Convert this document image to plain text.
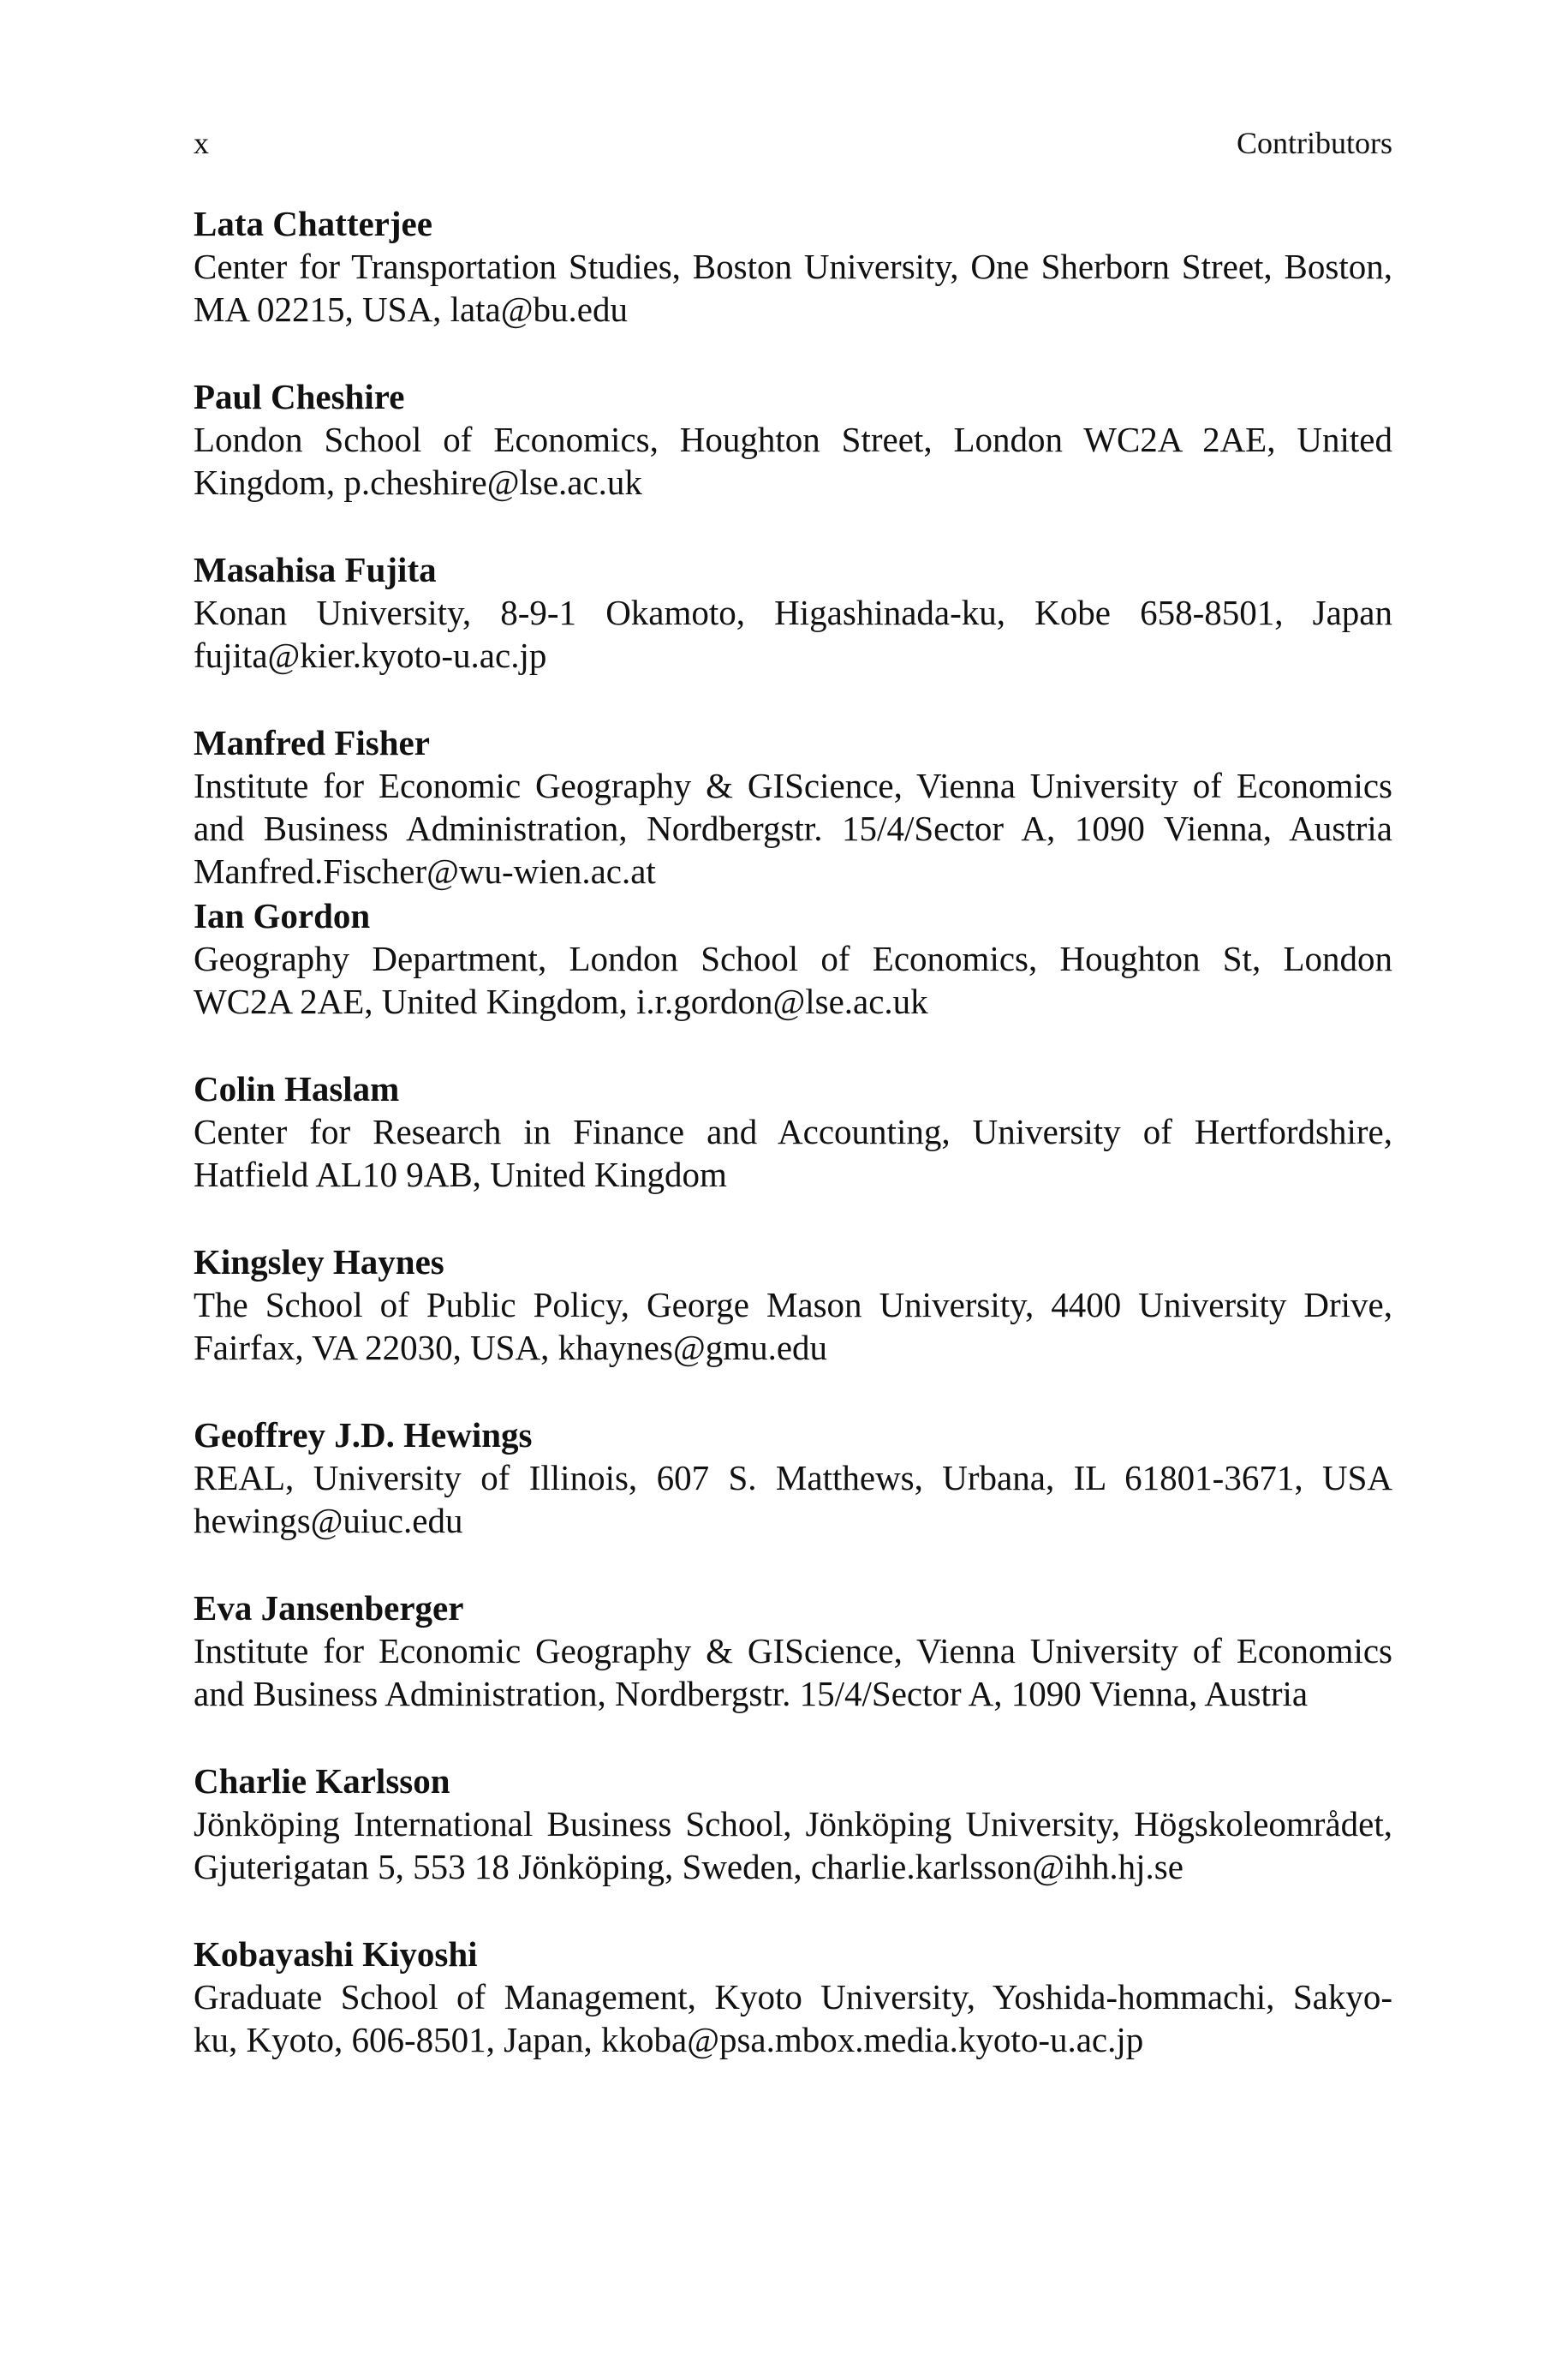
x	Contributors
Lata Chatterjee
Center for Transportation Studies, Boston University, One Sherborn Street, Boston,
MA 02215, USA, lata@bu.edu
Paul Cheshire
London School of Economics, Houghton Street, London WC2A 2AE, United
Kingdom, p.cheshire@lse.ac.uk
Masahisa Fujita
Konan University, 8-9-1 Okamoto, Higashinada-ku, Kobe 658-8501, Japan
fujita@kier.kyoto-u.ac.jp
Manfred Fisher
Institute for Economic Geography & GIScience, Vienna University of Economics
and Business Administration, Nordbergstr. 15/4/Sector A, 1090 Vienna, Austria
Manfred.Fischer@wu-wien.ac.at
Ian Gordon
Geography Department, London School of Economics, Houghton St, London
WC2A 2AE, United Kingdom, i.r.gordon@lse.ac.uk
Colin Haslam
Center for Research in Finance and Accounting, University of Hertfordshire,
Hatfield AL10 9AB, United Kingdom
Kingsley Haynes
The School of Public Policy, George Mason University, 4400 University Drive,
Fairfax, VA 22030, USA, khaynes@gmu.edu
Geoffrey J.D. Hewings
REAL, University of Illinois, 607 S. Matthews, Urbana, IL 61801-3671, USA
hewings@uiuc.edu
Eva Jansenberger
Institute for Economic Geography & GIScience, Vienna University of Economics
and Business Administration, Nordbergstr. 15/4/Sector A, 1090 Vienna, Austria
Charlie Karlsson
Jönköping International Business School, Jönköping University, Högskoleområdet,
Gjuterigatan 5, 553 18 Jönköping, Sweden, charlie.karlsson@ihh.hj.se
Kobayashi Kiyoshi
Graduate School of Management, Kyoto University, Yoshida-hommachi, Sakyo-
ku, Kyoto, 606-8501, Japan, kkoba@psa.mbox.media.kyoto-u.ac.jp
